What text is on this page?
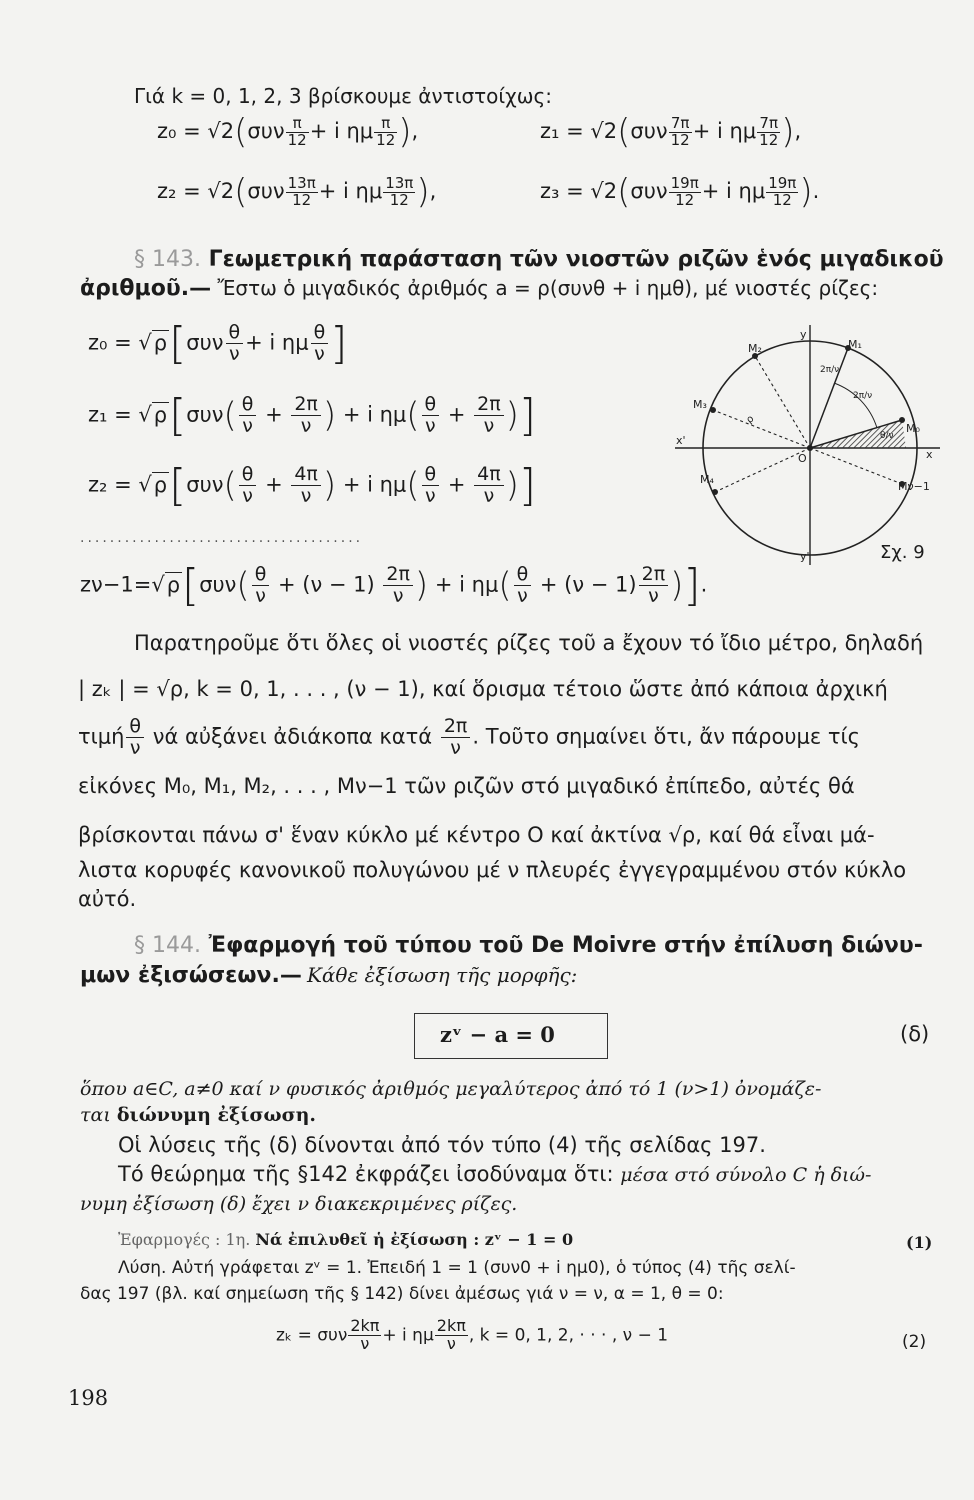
Γιά k = 0, 1, 2, 3 βρίσκουμε ἀντιστοίχως:
$z_0 = √2(\sigma\upsilon\nu \frac{\pi}{12} + i$ ημ $\frac{\pi}{12}$ ),	$z_1 = √2(\sigma\upsilon\nu \frac{7\pi}{12} + i$ ημ $\frac{7\pi}{12}$ ),
$z_2 = √2(\sigma\upsilon\nu \frac{13\pi}{12} + i$ ημ $\frac{13\pi}{12}$ ),	$z_3 = √2(\sigma\upsilon\nu \frac{19\pi}{12} + i$ ημ $\frac{19\pi}{12}$ ).
§ 143. Γεωμετρική παράσταση τῶν νιοστῶν ριζῶν ἑνός μιγαδικοῦ
ἀριθμοῦ.— Ἔστω ὁ μιγαδικός ἀριθμός a = ρ(συνθ + i ημθ), μέ νιοστές ρίζες:
$z_0 = √\rho[\sigma\upsilon\nu \frac{\theta}{\nu} + i$ ημ $\frac{\theta}{\nu}$ ]
$z_1 = √\rho[\sigma\upsilon\nu( \frac{\theta}{\nu} + \frac{2\pi}{\nu}$ ) + i $\eta\mu( \frac{\theta}{\nu} + \frac{2\pi}{\nu}$ )]
$z_2 = √\rho[\sigma\upsilon\nu( \frac{\theta}{\nu} + \frac{4\pi}{\nu}$ ) + i $\eta\mu( \frac{\theta}{\nu} + \frac{4\pi}{\nu}$ )]
......................................
$z\nu-1=√\rho[\sigma\upsilon\nu( \frac{\theta}{\nu} + (\nu - 1) \frac{2\pi}{\nu}$ ) + i $\eta\mu( \frac{\theta}{\nu} + (\nu - 1) \frac{2\pi}{\nu}$ )].
M₂	M₁
M₃
M₀
M₄
Mν−1
O	x
x'
y
y'
2π/ν
2π/ν
θ/ν
ρ
Σχ. 9
Παρατηροῦμε ὅτι ὅλες οἱ νιοστές ρίζες τοῦ a ἔχουν τό ἴδιο μέτρο, δηλαδή
| zₖ | = √ρ, k = 0, 1, . . . , (ν − 1), καί ὅρισμα τέτοιο ὥστε ἀπό κάποια ἀρχική
τιμή $\frac{\theta}{\nu}$ νά αὐξάνει ἀδιάκοπα κατά $\frac{2\pi}{\nu}$ . Τοῦτο σημαίνει ὅτι, ἄν πάρουμε τίς
εἰκόνες M₀, M₁, M₂, . . . , Mν−1 τῶν ριζῶν στό μιγαδικό ἐπίπεδο, αὐτές θά
βρίσκονται πάνω σ' ἕναν κύκλο μέ κέντρο O καί ἀκτίνα √ρ, καί θά εἶναι μά-
λιστα κορυφές κανονικοῦ πολυγώνου μέ ν πλευρές ἐγγεγραμμένου στόν κύκλο
αὐτό.
§ 144. Ἐφαρμογή τοῦ τύπου τοῦ De Moivre στήν ἐπίλυση διώνυ-
μων ἐξισώσεων.— Κάθε ἐξίσωση τῆς μορφῆς:
zᵛ − a = 0	(δ)
ὅπου a∈C, a≠0 καί ν φυσικός ἀριθμός μεγαλύτερος ἀπό τό 1 (ν>1) ὀνομάζε-
ται διώνυμη ἐξίσωση.
Οἱ λύσεις τῆς (δ) δίνονται ἀπό τόν τύπο (4) τῆς σελίδας 197.
Τό θεώρημα τῆς §142 ἐκφράζει ἰσοδύναμα ὅτι: μέσα στό σύνολο C ἡ διώ-
νυμη ἐξίσωση (δ) ἔχει ν διακεκριμένες ρίζες.
Ἐφαρμογές : 1η. Νά ἐπιλυθεῖ ἡ ἐξίσωση : zᵛ − 1 = 0	(1)
Λύση. Αὐτή γράφεται zᵛ = 1. Ἐπειδή 1 = 1 (συν0 + i ημ0), ὁ τύπος (4) τῆς σελί-
δας 197 (βλ. καί σημείωση τῆς § 142) δίνει ἀμέσως γιά ν = ν, α = 1, θ = 0:
zₖ = συν $\frac{2k\pi}{\nu} + i$ ημ $\frac{2k\pi}{\nu}$ , k = 0, 1, 2, · · · , ν − 1	(2)
198
